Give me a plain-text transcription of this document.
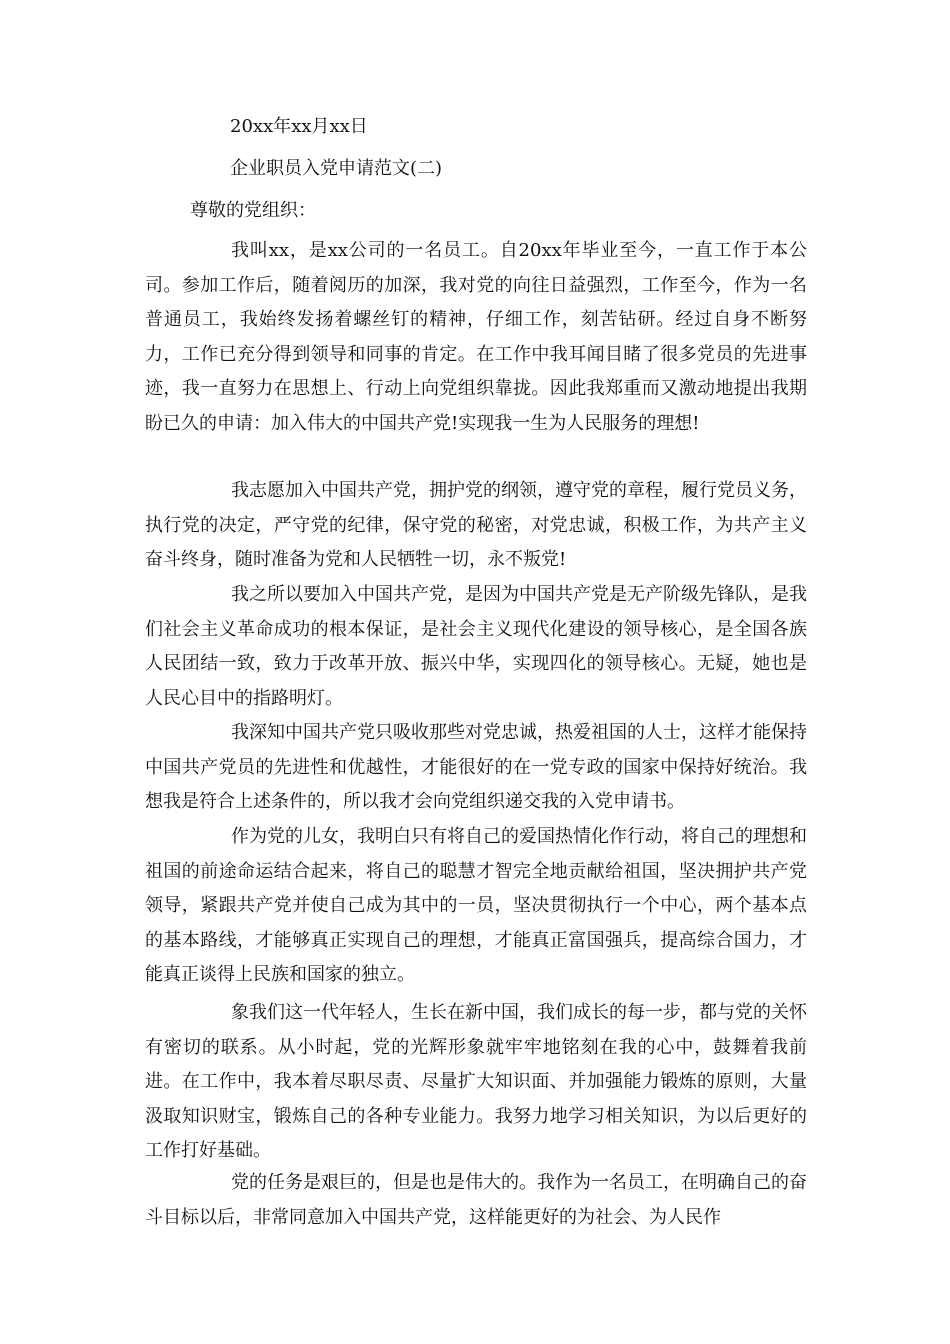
20xx年xx月xx日
企业职员入党申请范文(二)
尊敬的党组织：

我叫xx，是xx公司的一名员工。自20xx年毕业至今，一直工作于本公司。参加工作后，随着阅历的加深，我对党的向往日益强烈，工作至今，作为一名普通员工，我始终发扬着螺丝钉的精神，仔细工作，刻苦钻研。经过自身不断努力，工作已充分得到领导和同事的肯定。在工作中我耳闻目睹了很多党员的先进事迹，我一直努力在思想上、行动上向党组织靠拢。因此我郑重而又激动地提出我期盼已久的申请：加入伟大的中国共产党!实现我一生为人民服务的理想!

我志愿加入中国共产党，拥护党的纲领，遵守党的章程，履行党员义务，执行党的决定，严守党的纪律，保守党的秘密，对党忠诚，积极工作，为共产主义奋斗终身，随时准备为党和人民牺牲一切，永不叛党!

我之所以要加入中国共产党，是因为中国共产党是无产阶级先锋队，是我们社会主义革命成功的根本保证，是社会主义现代化建设的领导核心，是全国各族人民团结一致，致力于改革开放、振兴中华，实现四化的领导核心。无疑，她也是人民心目中的指路明灯。

我深知中国共产党只吸收那些对党忠诚，热爱祖国的人士，这样才能保持中国共产党员的先进性和优越性，才能很好的在一党专政的国家中保持好统治。我想我是符合上述条件的，所以我才会向党组织递交我的入党申请书。

作为党的儿女，我明白只有将自己的爱国热情化作行动，将自己的理想和祖国的前途命运结合起来，将自己的聪慧才智完全地贡献给祖国，坚决拥护共产党领导，紧跟共产党并使自己成为其中的一员，坚决贯彻执行一个中心，两个基本点的基本路线，才能够真正实现自己的理想，才能真正富国强兵，提高综合国力，才能真正谈得上民族和国家的独立。

象我们这一代年轻人，生长在新中国，我们成长的每一步，都与党的关怀有密切的联系。从小时起，党的光辉形象就牢牢地铭刻在我的心中，鼓舞着我前进。在工作中，我本着尽职尽责、尽量扩大知识面、并加强能力锻炼的原则，大量汲取知识财宝，锻炼自己的各种专业能力。我努力地学习相关知识，为以后更好的工作打好基础。

党的任务是艰巨的，但是也是伟大的。我作为一名员工，在明确自己的奋斗目标以后，非常同意加入中国共产党，这样能更好的为社会、为人民作
